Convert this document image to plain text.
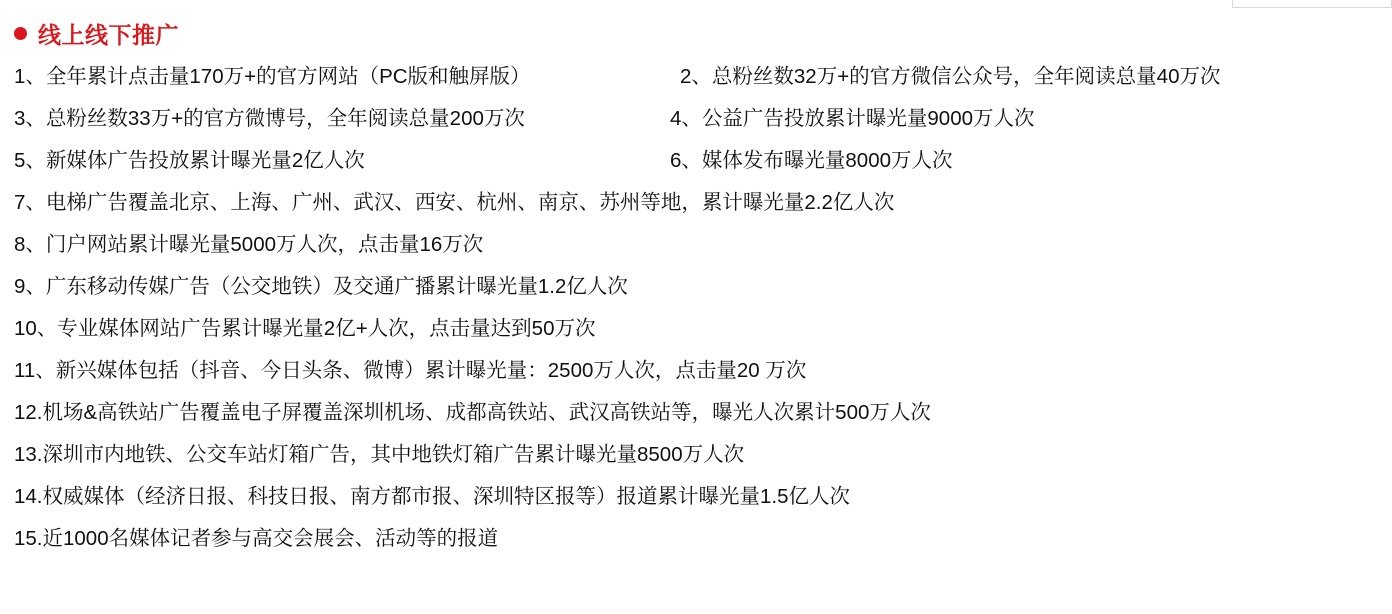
线上线下推广
1、全年累计点击量170万+的官方网站（PC版和触屏版）	2、总粉丝数32万+的官方微信公众号，全年阅读总量40万次
3、总粉丝数33万+的官方微博号，全年阅读总量200万次	4、公益广告投放累计曝光量9000万人次
5、新媒体广告投放累计曝光量2亿人次	6、媒体发布曝光量8000万人次
7、电梯广告覆盖北京、上海、广州、武汉、西安、杭州、南京、苏州等地，累计曝光量2.2亿人次
8、门户网站累计曝光量5000万人次，点击量16万次
9、广东移动传媒广告（公交地铁）及交通广播累计曝光量1.2亿人次
10、专业媒体网站广告累计曝光量2亿+人次，点击量达到50万次
11、新兴媒体包括（抖音、今日头条、微博）累计曝光量：2500万人次，点击量20 万次
12.机场&高铁站广告覆盖电子屏覆盖深圳机场、成都高铁站、武汉高铁站等，曝光人次累计500万人次
13.深圳市内地铁、公交车站灯箱广告，其中地铁灯箱广告累计曝光量8500万人次
14.权威媒体（经济日报、科技日报、南方都市报、深圳特区报等）报道累计曝光量1.5亿人次
15.近1000名媒体记者参与高交会展会、活动等的报道
